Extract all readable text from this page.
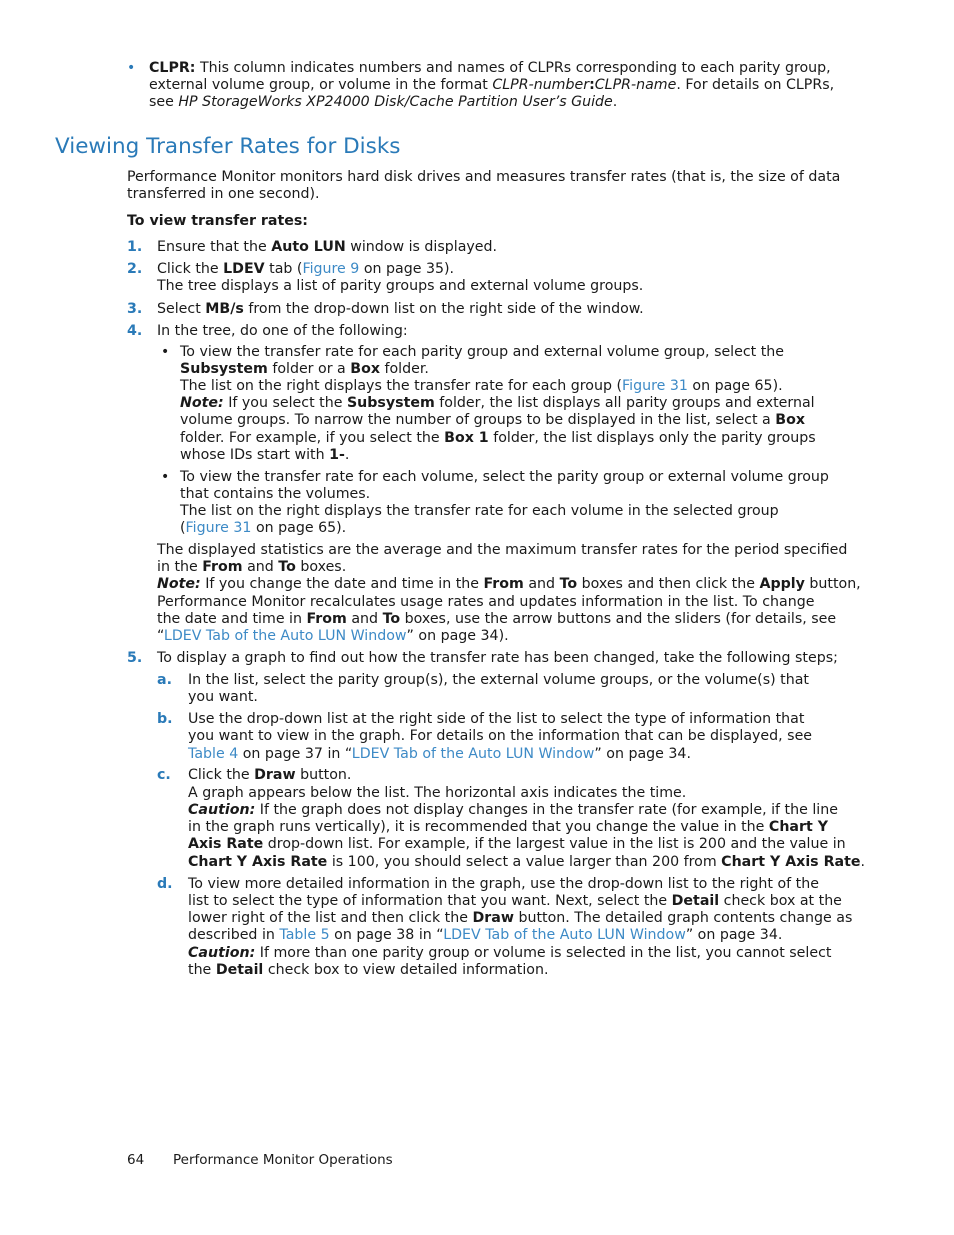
• CLPR: This column indicates numbers and names of CLPRs corresponding to each parity group,
external volume group, or volume in the format CLPR-number:CLPR-name. For details on CLPRs,
see HP StorageWorks XP24000 Disk/Cache Partition User’s Guide.
Viewing Transfer Rates for Disks
Performance Monitor monitors hard disk drives and measures transfer rates (that is, the size of data
transferred in one second).
To view transfer rates:
1. Ensure that the Auto LUN window is displayed.
2. Click the LDEV tab (Figure 9 on page 35).
The tree displays a list of parity groups and external volume groups.
3. Select MB/s from the drop-down list on the right side of the window.
4. In the tree, do one of the following:
• To view the transfer rate for each parity group and external volume group, select the
Subsystem folder or a Box folder.
The list on the right displays the transfer rate for each group (Figure 31 on page 65).
Note: If you select the Subsystem folder, the list displays all parity groups and external
volume groups. To narrow the number of groups to be displayed in the list, select a Box
folder. For example, if you select the Box 1 folder, the list displays only the parity groups
whose IDs start with 1-.
• To view the transfer rate for each volume, select the parity group or external volume group
that contains the volumes.
The list on the right displays the transfer rate for each volume in the selected group
(Figure 31 on page 65).
The displayed statistics are the average and the maximum transfer rates for the period specified
in the From and To boxes.
Note: If you change the date and time in the From and To boxes and then click the Apply button,
Performance Monitor recalculates usage rates and updates information in the list. To change
the date and time in From and To boxes, use the arrow buttons and the sliders (for details, see
“LDEV Tab of the Auto LUN Window” on page 34).
5. To display a graph to find out how the transfer rate has been changed, take the following steps;
a. In the list, select the parity group(s), the external volume groups, or the volume(s) that
you want.
b. Use the drop-down list at the right side of the list to select the type of information that
you want to view in the graph. For details on the information that can be displayed, see
Table 4 on page 37 in “LDEV Tab of the Auto LUN Window” on page 34.
c. Click the Draw button.
A graph appears below the list. The horizontal axis indicates the time.
Caution: If the graph does not display changes in the transfer rate (for example, if the line
in the graph runs vertically), it is recommended that you change the value in the Chart Y
Axis Rate drop-down list. For example, if the largest value in the list is 200 and the value in
Chart Y Axis Rate is 100, you should select a value larger than 200 from Chart Y Axis Rate.
d. To view more detailed information in the graph, use the drop-down list to the right of the
list to select the type of information that you want. Next, select the Detail check box at the
lower right of the list and then click the Draw button. The detailed graph contents change as
described in Table 5 on page 38 in “LDEV Tab of the Auto LUN Window” on page 34.
Caution: If more than one parity group or volume is selected in the list, you cannot select
the Detail check box to view detailed information.
64 Performance Monitor Operations
